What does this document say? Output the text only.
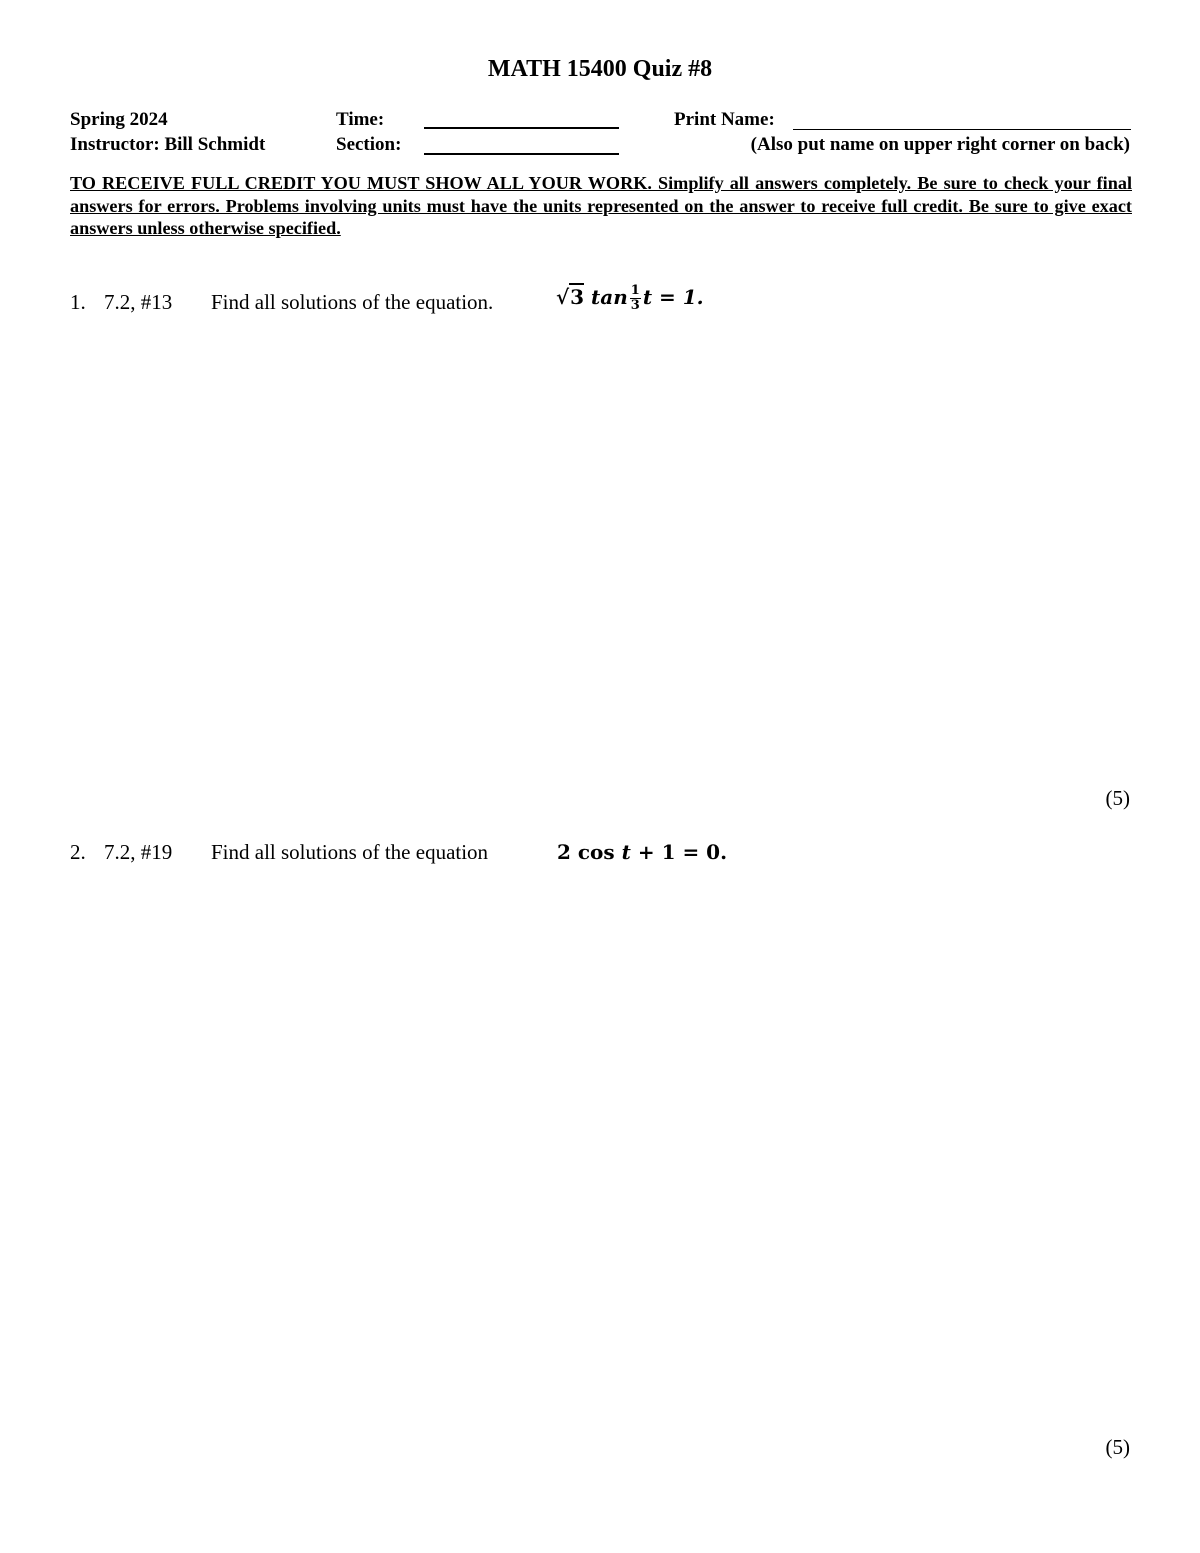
MATH 15400 Quiz #8
Spring 2024	Time:	Print Name:
Instructor: Bill Schmidt	Section:	(Also put name on upper right corner on back)
TO RECEIVE FULL CREDIT YOU MUST SHOW ALL YOUR WORK. Simplify all answers completely. Be sure to check your final answers for errors. Problems involving units must have the units represented on the answer to receive full credit. Be sure to give exact answers unless otherwise specified.
1. 7.2, #13 Find all solutions of the equation.	√3 $\tan \frac{1}{3}$ t = 1.
(5)
2. 7.2, #19 Find all solutions of the equation	2 cos t + 1 = 0.
(5)
